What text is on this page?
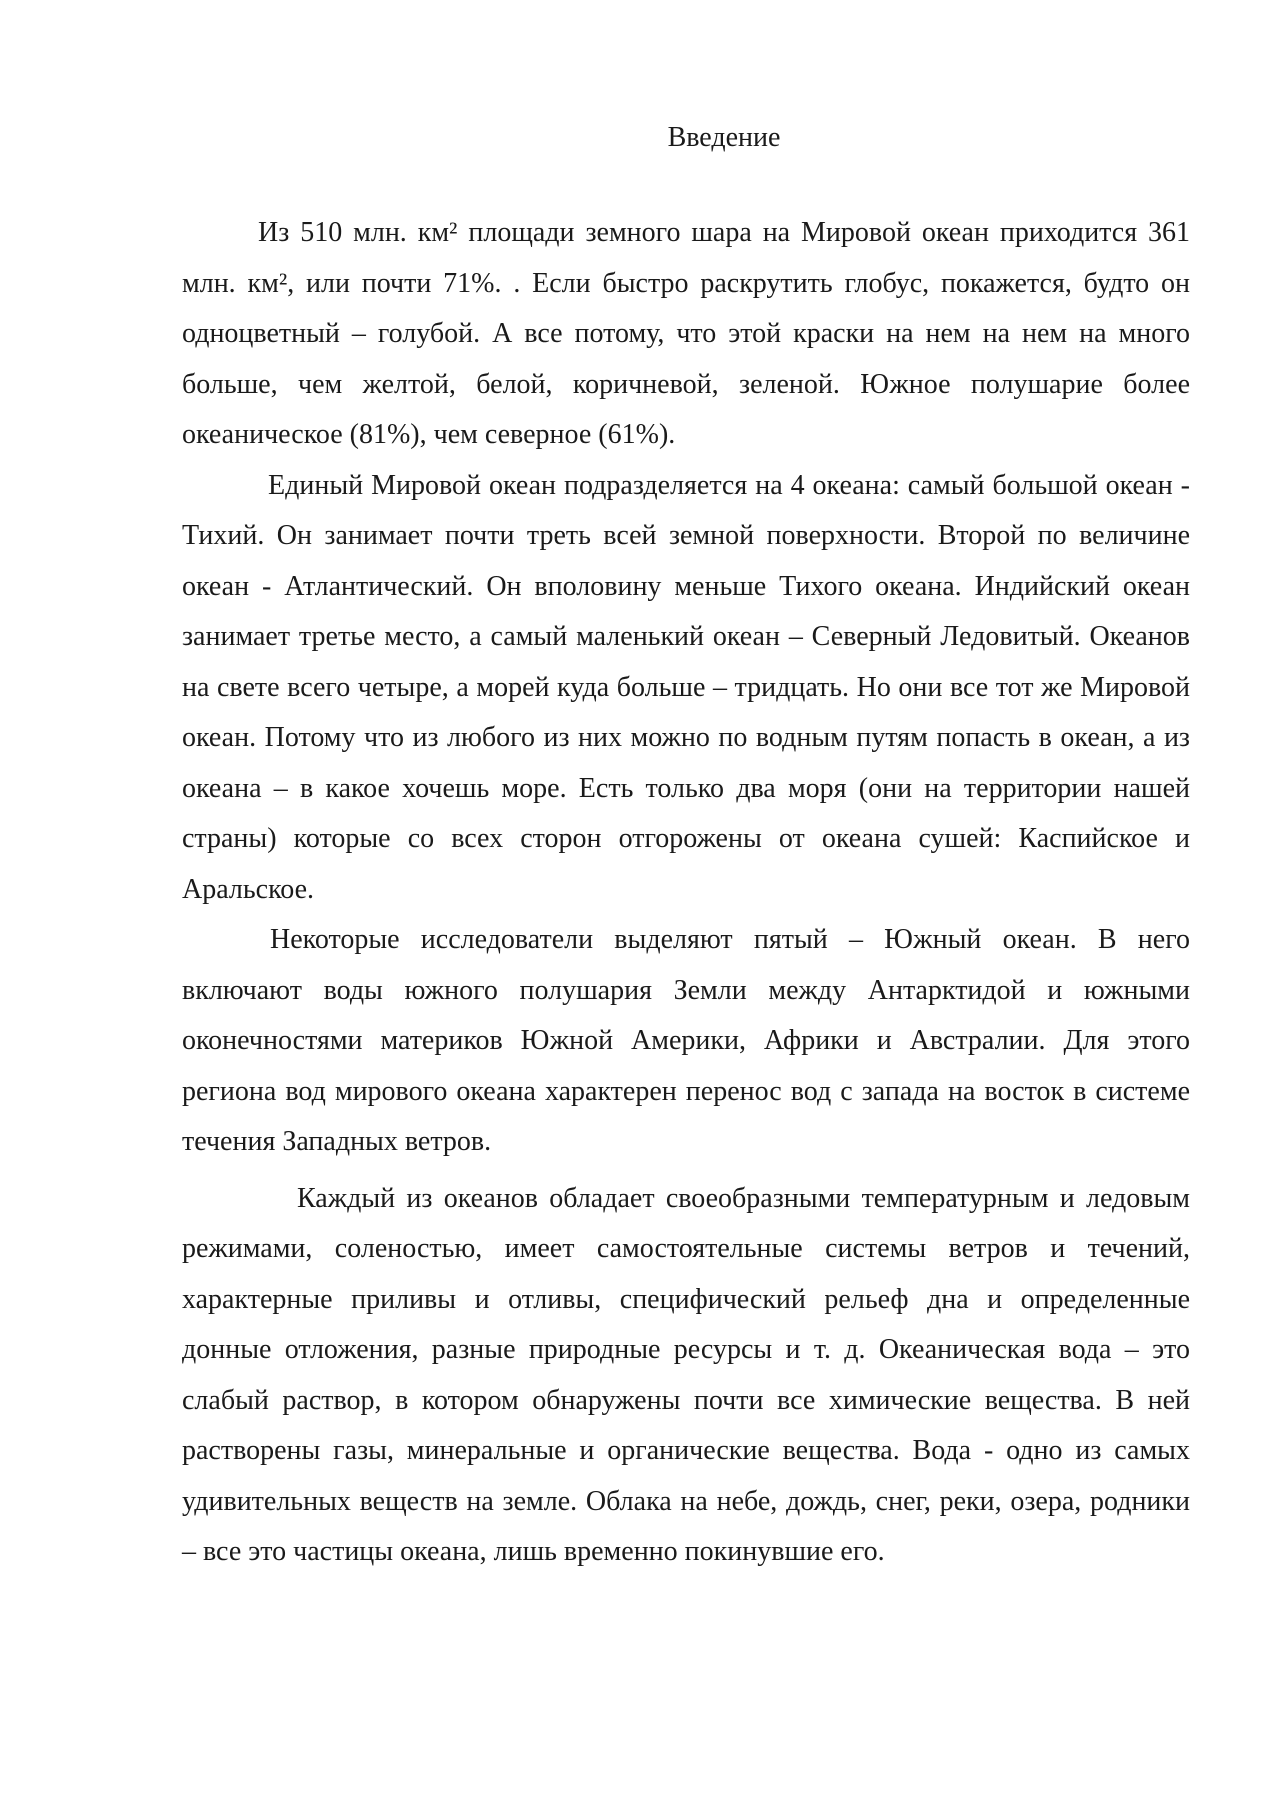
Введение

Из 510 млн. км² площади земного шара на Мировой океан приходится 361 млн. км², или почти 71%. . Если быстро раскрутить глобус, покажется, будто он одноцветный – голубой. А все потому, что этой краски на нем на нем на много больше, чем желтой, белой, коричневой, зеленой. Южное полушарие более океаническое (81%), чем северное (61%).

Единый Мировой океан подразделяется на 4 океана: самый большой океан - Тихий. Он занимает почти треть всей земной поверхности. Второй по величине океан - Атлантический. Он вполовину меньше Тихого океана. Индийский океан занимает третье место, а самый маленький океан – Северный Ледовитый. Океанов на свете всего четыре, а морей куда больше – тридцать. Но они все тот же Мировой океан. Потому что из любого из них можно по водным путям попасть в океан, а из океана – в какое хочешь море. Есть только два моря (они на территории нашей страны) которые со всех сторон отгорожены от океана сушей: Каспийское и Аральское.

Некоторые исследователи выделяют пятый – Южный океан. В него включают воды южного полушария Земли между Антарктидой и южными оконечностями материков Южной Америки, Африки и Австралии. Для этого региона вод мирового океана характерен перенос вод с запада на восток в системе течения Западных ветров.

Каждый из океанов обладает своеобразными температурным и ледовым режимами, соленостью, имеет самостоятельные системы ветров и течений, характерные приливы и отливы, специфический рельеф дна и определенные донные отложения, разные природные ресурсы и т. д. Океаническая вода – это слабый раствор, в котором обнаружены почти все химические вещества. В ней растворены газы, минеральные и органические вещества. Вода - одно из самых удивительных веществ на земле. Облака на небе, дождь, снег, реки, озера, родники – все это частицы океана, лишь временно покинувшие его.
